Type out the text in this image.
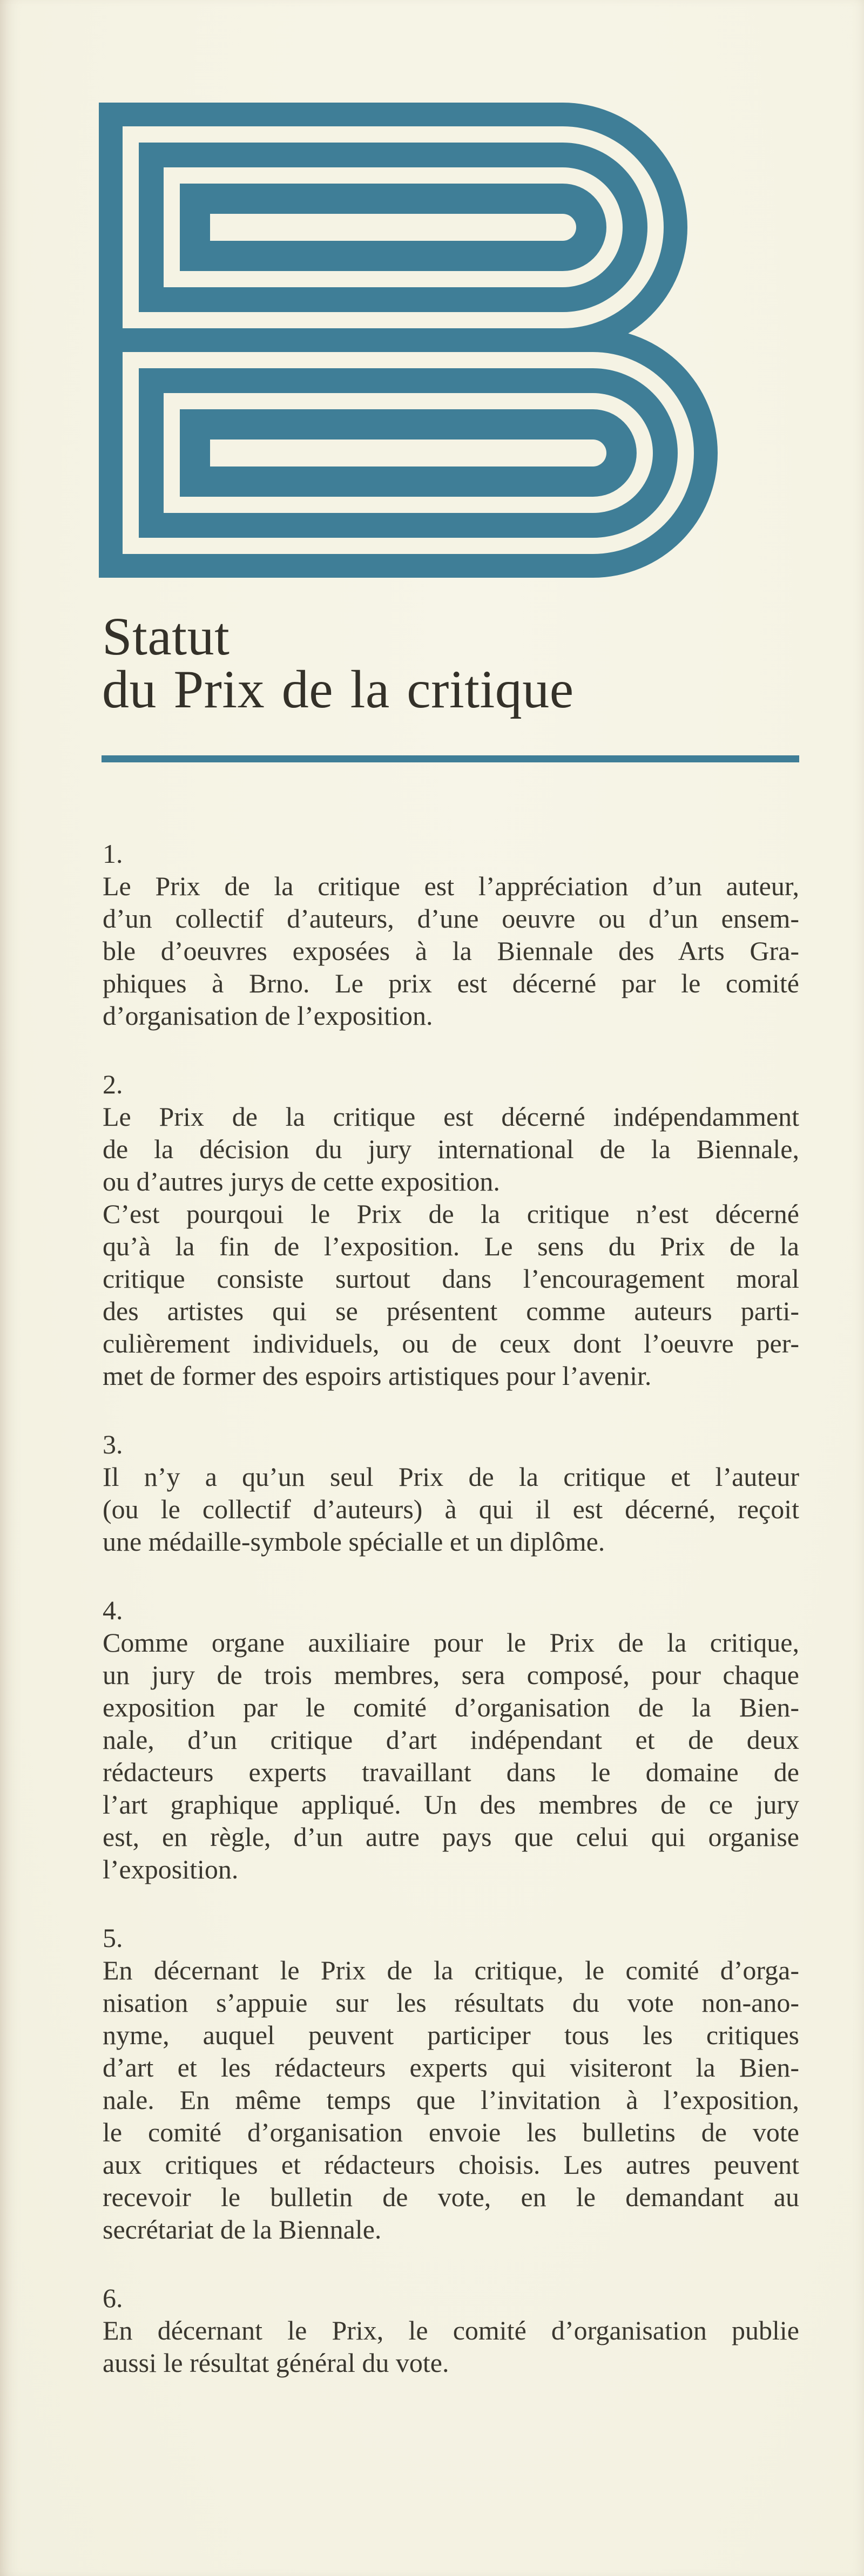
Statut
du Prix de la critique
1.
Le Prix de la critique est l’appréciation d’un auteur,
d’un collectif d’auteurs, d’une oeuvre ou d’un ensem-
ble d’oeuvres exposées à la Biennale des Arts Gra-
phiques à Brno. Le prix est décerné par le comité
d’organisation de l’exposition.
2.
Le Prix de la critique est décerné indépendamment
de la décision du jury international de la Biennale,
ou d’autres jurys de cette exposition.
C’est pourqoui le Prix de la critique n’est décerné
qu’à la fin de l’exposition. Le sens du Prix de la
critique consiste surtout dans l’encouragement moral
des artistes qui se présentent comme auteurs parti-
culièrement individuels, ou de ceux dont l’oeuvre per-
met de former des espoirs artistiques pour l’avenir.
3.
Il n’y a qu’un seul Prix de la critique et l’auteur
(ou le collectif d’auteurs) à qui il est décerné, reçoit
une médaille-symbole spécialle et un diplôme.
4.
Comme organe auxiliaire pour le Prix de la critique,
un jury de trois membres, sera composé, pour chaque
exposition par le comité d’organisation de la Bien-
nale, d’un critique d’art indépendant et de deux
rédacteurs experts travaillant dans le domaine de
l’art graphique appliqué. Un des membres de ce jury
est, en règle, d’un autre pays que celui qui organise
l’exposition.
5.
En décernant le Prix de la critique, le comité d’orga-
nisation s’appuie sur les résultats du vote non-ano-
nyme, auquel peuvent participer tous les critiques
d’art et les rédacteurs experts qui visiteront la Bien-
nale. En même temps que l’invitation à l’exposition,
le comité d’organisation envoie les bulletins de vote
aux critiques et rédacteurs choisis. Les autres peuvent
recevoir le bulletin de vote, en le demandant au
secrétariat de la Biennale.
6.
En décernant le Prix, le comité d’organisation publie
aussi le résultat général du vote.
